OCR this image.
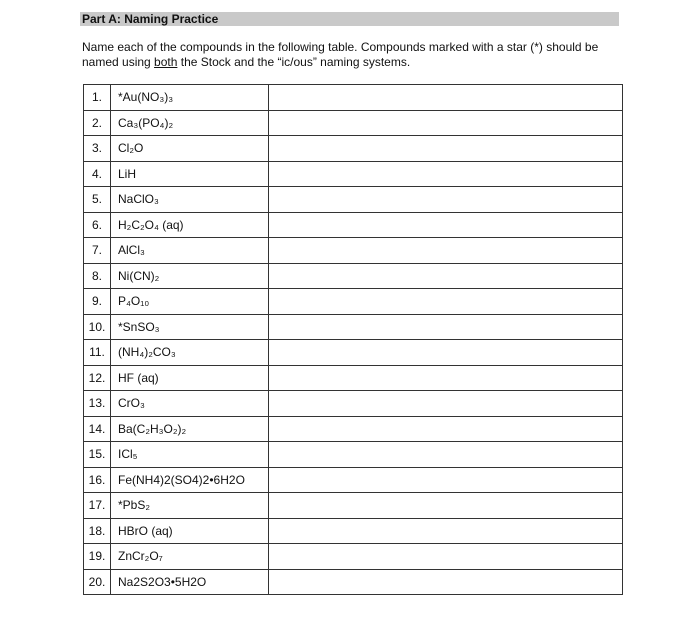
Part A: Naming Practice
Name each of the compounds in the following table. Compounds marked with a star (*) should be named using both the Stock and the “ic/ous” naming systems.
1.	*Au(NO₃)₃	
2.	Ca₃(PO₄)₂	
3.	Cl₂O	
4.	LiH	
5.	NaClO₃	
6.	H₂C₂O₄ (aq)	
7.	AlCl₃	
8.	Ni(CN)₂	
9.	P₄O₁₀	
10.	*SnSO₃	
11.	(NH₄)₂CO₃	
12.	HF (aq)	
13.	CrO₃	
14.	Ba(C₂H₃O₂)₂	
15.	ICl₅	
16.	Fe(NH4)2(SO4)2•6H2O	
17.	*PbS₂	
18.	HBrO (aq)	
19.	ZnCr₂O₇	
20.	Na2S2O3•5H2O	
